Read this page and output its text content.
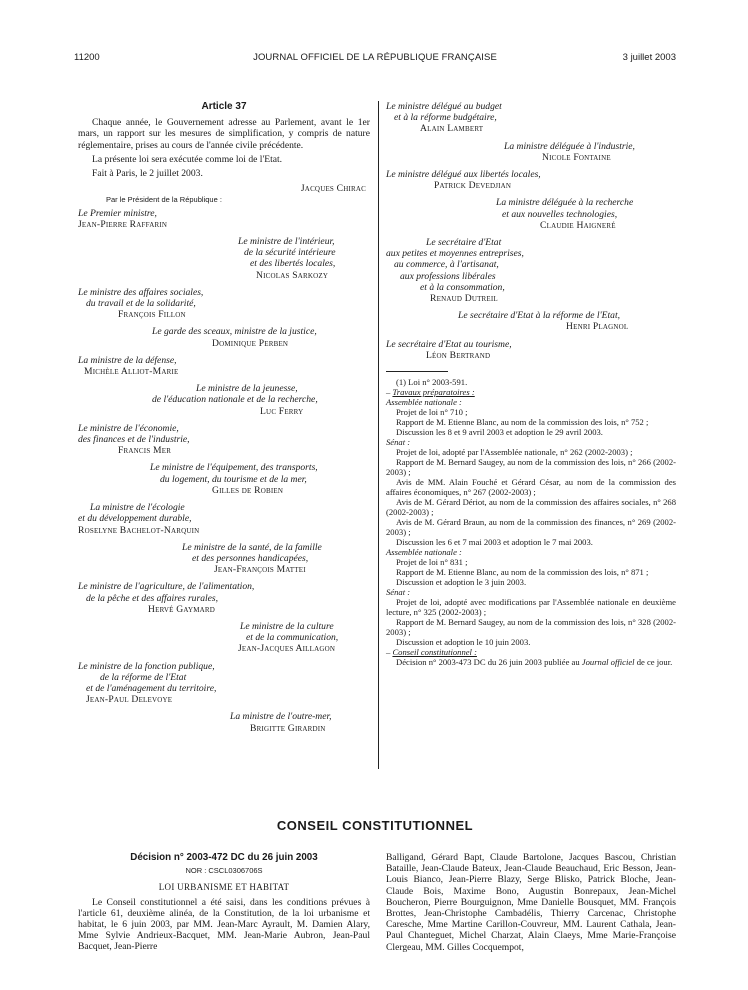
11200	JOURNAL OFFICIEL DE LA RÉPUBLIQUE FRANÇAISE	3 juillet 2003
Article 37
Chaque année, le Gouvernement adresse au Parlement, avant le 1er mars, un rapport sur les mesures de simplification, y compris de nature réglementaire, prises au cours de l'année civile précédente.
La présente loi sera exécutée comme loi de l'Etat.
Fait à Paris, le 2 juillet 2003.
Jacques Chirac
Par le Président de la République :
Le Premier ministre,
Jean-Pierre Raffarin
Le ministre de l'intérieur,
de la sécurité intérieure
et des libertés locales,
Nicolas Sarkozy
Le ministre des affaires sociales,
du travail et de la solidarité,
François Fillon
Le garde des sceaux, ministre de la justice,
Dominique Perben
La ministre de la défense,
Michèle Alliot-Marie
Le ministre de la jeunesse,
de l'éducation nationale et de la recherche,
Luc Ferry
Le ministre de l'économie,
des finances et de l'industrie,
Francis Mer
Le ministre de l'équipement, des transports,
du logement, du tourisme et de la mer,
Gilles de Robien
La ministre de l'écologie
et du développement durable,
Roselyne Bachelot-Narquin
Le ministre de la santé, de la famille
et des personnes handicapées,
Jean-François Mattei
Le ministre de l'agriculture, de l'alimentation,
de la pêche et des affaires rurales,
Hervé Gaymard
Le ministre de la culture
et de la communication,
Jean-Jacques Aillagon
Le ministre de la fonction publique,
de la réforme de l'Etat
et de l'aménagement du territoire,
Jean-Paul Delevoye
La ministre de l'outre-mer,
Brigitte Girardin
Le ministre délégué au budget
et à la réforme budgétaire,
Alain Lambert
La ministre déléguée à l'industrie,
Nicole Fontaine
Le ministre délégué aux libertés locales,
Patrick Devedjian
La ministre déléguée à la recherche
et aux nouvelles technologies,
Claudie Haigneré
Le secrétaire d'Etat
aux petites et moyennes entreprises,
au commerce, à l'artisanat,
aux professions libérales
et à la consommation,
Renaud Dutreil
Le secrétaire d'Etat à la réforme de l'Etat,
Henri Plagnol
Le secrétaire d'Etat au tourisme,
Léon Bertrand
(1) Loi n° 2003-591.
– Travaux préparatoires :
Assemblée nationale :
Projet de loi n° 710 ;
Rapport de M. Etienne Blanc, au nom de la commission des lois, n° 752 ;
Discussion les 8 et 9 avril 2003 et adoption le 29 avril 2003.
Sénat :
Projet de loi, adopté par l'Assemblée nationale, n° 262 (2002-2003) ;
Rapport de M. Bernard Saugey, au nom de la commission des lois, n° 266 (2002-2003) ;
Avis de MM. Alain Fouché et Gérard César, au nom de la commission des affaires économiques, n° 267 (2002-2003) ;
Avis de M. Gérard Dériot, au nom de la commission des affaires sociales, n° 268 (2002-2003) ;
Avis de M. Gérard Braun, au nom de la commission des finances, n° 269 (2002-2003) ;
Discussion les 6 et 7 mai 2003 et adoption le 7 mai 2003.
Assemblée nationale :
Projet de loi n° 831 ;
Rapport de M. Etienne Blanc, au nom de la commission des lois, n° 871 ;
Discussion et adoption le 3 juin 2003.
Sénat :
Projet de loi, adopté avec modifications par l'Assemblée nationale en deuxième lecture, n° 325 (2002-2003) ;
Rapport de M. Bernard Saugey, au nom de la commission des lois, n° 328 (2002-2003) ;
Discussion et adoption le 10 juin 2003.
– Conseil constitutionnel :
Décision n° 2003-473 DC du 26 juin 2003 publiée au Journal officiel de ce jour.
CONSEIL CONSTITUTIONNEL
Décision n° 2003-472 DC du 26 juin 2003
NOR : CSCL0306706S
LOI URBANISME ET HABITAT
Le Conseil constitutionnel a été saisi, dans les conditions prévues à l'article 61, deuxième alinéa, de la Constitution, de la loi urbanisme et habitat, le 6 juin 2003, par MM. Jean-Marc Ayrault, M. Damien Alary, Mme Sylvie Andrieux-Bacquet, MM. Jean-Marie Aubron, Jean-Paul Bacquet, Jean-Pierre
Balligand, Gérard Bapt, Claude Bartolone, Jacques Bascou, Christian Bataille, Jean-Claude Bateux, Jean-Claude Beauchaud, Eric Besson, Jean-Louis Bianco, Jean-Pierre Blazy, Serge Blisko, Patrick Bloche, Jean-Claude Bois, Maxime Bono, Augustin Bonrepaux, Jean-Michel Boucheron, Pierre Bourguignon, Mme Danielle Bousquet, MM. François Brottes, Jean-Christophe Cambadélis, Thierry Carcenac, Christophe Caresche, Mme Martine Carillon-Couvreur, MM. Laurent Cathala, Jean-Paul Chanteguet, Michel Charzat, Alain Claeys, Mme Marie-Françoise Clergeau, MM. Gilles Cocquempot,
